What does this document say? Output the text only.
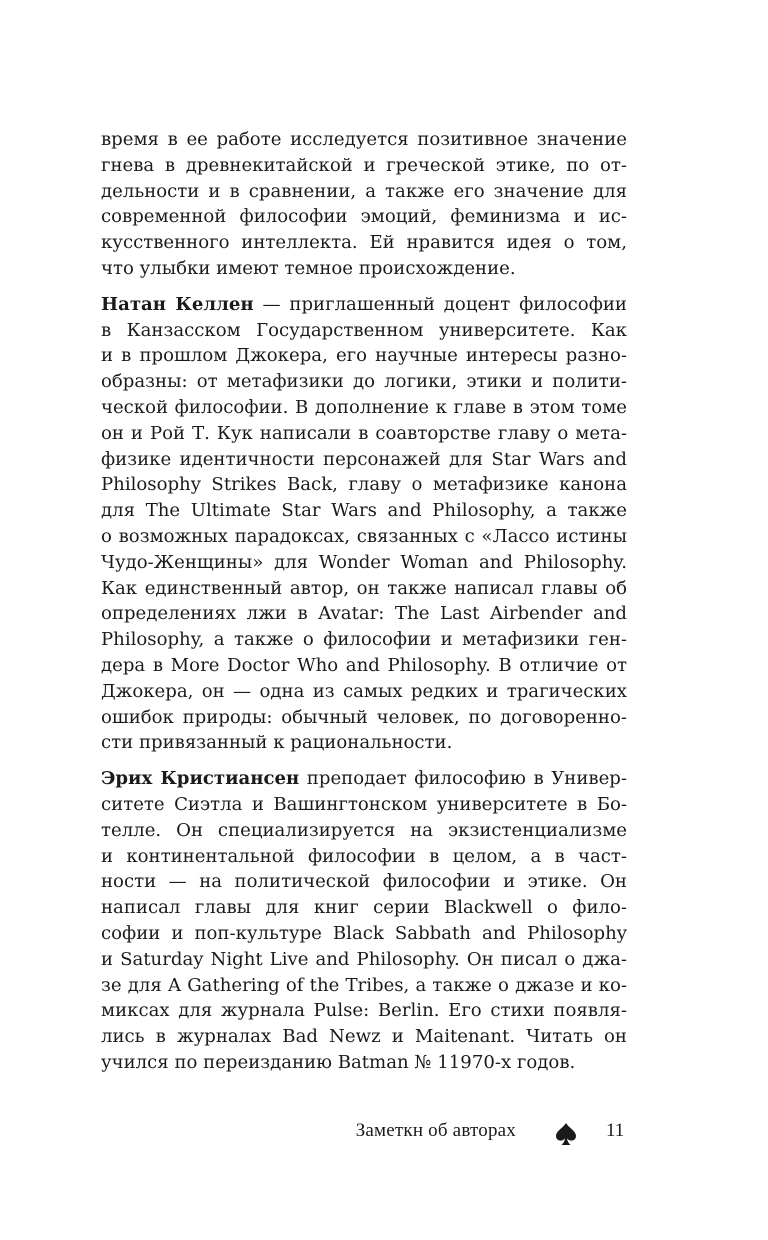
время в ее работе исследуется позитивное значение
гнева в древнекитайской и греческой этике, по от-
дельности и в сравнении, а также его значение для
современной философии эмоций, феминизма и ис-
кусственного интеллекта. Ей нравится идея о том,
что улыбки имеют темное происхождение.

Натан Келлен — приглашенный доцент философии
в Канзасском Государственном университете. Как
и в прошлом Джокера, его научные интересы разно-
образны: от метафизики до логики, этики и полити-
ческой философии. В дополнение к главе в этом томе
он и Рой Т. Кук написали в соавторстве главу о мета-
физике идентичности персонажей для Star Wars and
Philosophy Strikes Back, главу о метафизике канона
для The Ultimate Star Wars and Philosophy, а также
о возможных парадоксах, связанных с «Лассо истины
Чудо-Женщины» для Wonder Woman and Philosophy.
Как единственный автор, он также написал главы об
определениях лжи в Avatar: The Last Airbender and
Philosophy, а также о философии и метафизики ген-
дера в More Doctor Who and Philosophy. В отличие от
Джокера, он — одна из самых редких и трагических
ошибок природы: обычный человек, по договоренно-
сти привязанный к рациональности.

Эрих Кристиансен преподает философию в Универ-
ситете Сиэтла и Вашингтонском университете в Бо-
телле. Он специализируется на экзистенциализме
и континентальной философии в целом, а в част-
ности — на политической философии и этике. Он
написал главы для книг серии Blackwell о фило-
софии и поп-культуре Black Sabbath and Philosophy
и Saturday Night Live and Philosophy. Он писал о джа-
зе для A Gathering of the Tribes, а также о джазе и ко-
миксах для журнала Pulse: Berlin. Его стихи появля-
лись в журналах Bad Newz и Maitenant. Читать он
учился по переизданию Batman № 11970-х годов.

Заметкн об авторах	11
